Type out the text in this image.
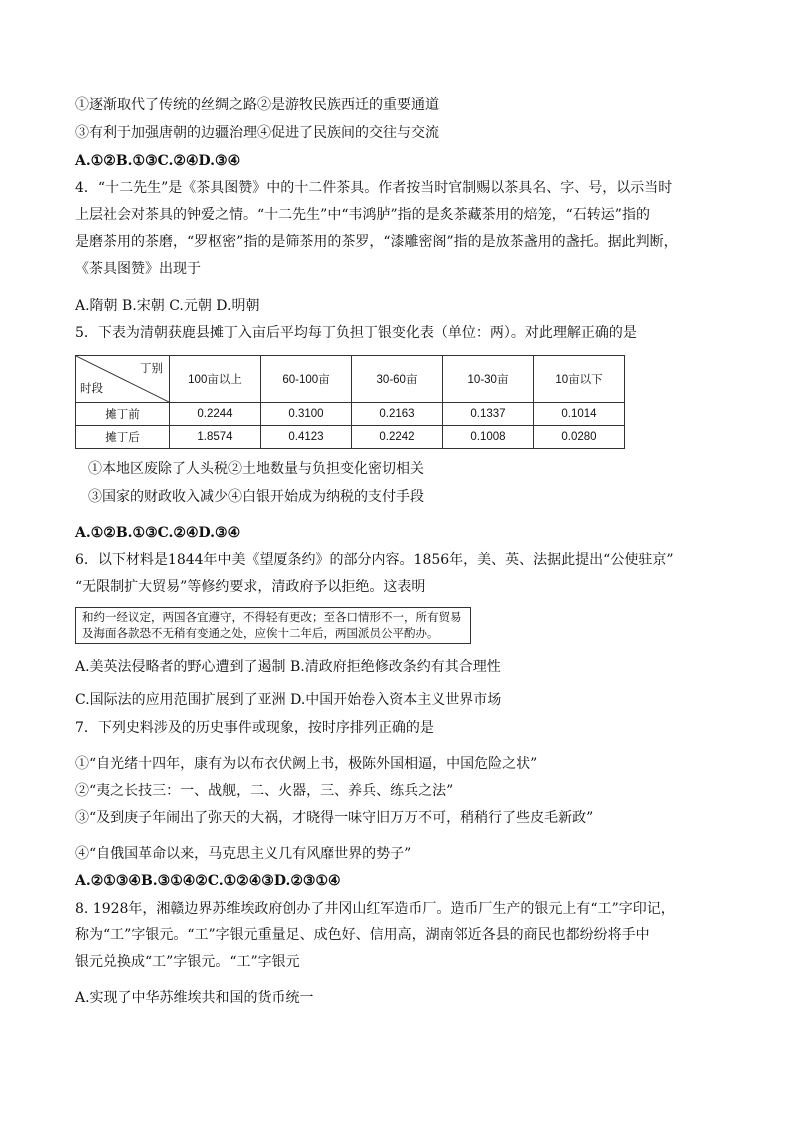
①逐渐取代了传统的丝绸之路②是游牧民族西迁的重要通道
③有利于加强唐朝的边疆治理④促进了民族间的交往与交流
A.①②B.①③C.②④D.③④
4．“十二先生”是《茶具图赞》中的十二件茶具。作者按当时官制赐以茶具名、字、号，以示当时
上层社会对茶具的钟爱之情。“十二先生”中“韦鸿胪”指的是炙茶藏茶用的焙笼，“石转运”指的
是磨茶用的茶磨，“罗枢密”指的是筛茶用的茶罗，“漆雕密阁”指的是放茶盏用的盏托。据此判断，
《茶具图赞》出现于
A.隋朝 B.宋朝 C.元朝 D.明朝
5．下表为清朝获鹿县摊丁入亩后平均每丁负担丁银变化表（单位：两）。对此理解正确的是
丁别
时段	100亩以上	60-100亩	30-60亩	10-30亩	10亩以下
摊丁前	0.2244	0.3100	0.2163	0.1337	0.1014
摊丁后	1.8574	0.4123	0.2242	0.1008	0.0280
①本地区废除了人头税②土地数量与负担变化密切相关
③国家的财政收入减少④白银开始成为纳税的支付手段
A.①②B.①③C.②④D.③④
6．以下材料是1844年中美《望厦条约》的部分内容。1856年，美、英、法据此提出“公使驻京”
“无限制扩大贸易”等修约要求，清政府予以拒绝。这表明
和约一经议定，两国各宜遵守，不得轻有更改；至各口情形不一，所有贸易
及海面各款恐不无稍有变通之处，应俟十二年后，两国派员公平酌办。
A.美英法侵略者的野心遭到了遏制 B.清政府拒绝修改条约有其合理性
C.国际法的应用范围扩展到了亚洲 D.中国开始卷入资本主义世界市场
7．下列史料涉及的历史事件或现象，按时序排列正确的是
①“自光绪十四年，康有为以布衣伏阙上书，极陈外国相逼，中国危险之状”
②“夷之长技三：一、战舰，二、火器，三、养兵、练兵之法”
③“及到庚子年闹出了弥天的大祸，才晓得一味守旧万万不可，稍稍行了些皮毛新政”
④“自俄国革命以来，马克思主义几有风靡世界的势子”
A.②①③④B.③①④②C.①②④③D.②③①④
8. 1928年，湘赣边界苏维埃政府创办了井冈山红军造币厂。造币厂生产的银元上有“工”字印记，
称为“工”字银元。“工”字银元重量足、成色好、信用高，湖南邻近各县的商民也都纷纷将手中
银元兑换成“工”字银元。“工”字银元
A.实现了中华苏维埃共和国的货币统一
